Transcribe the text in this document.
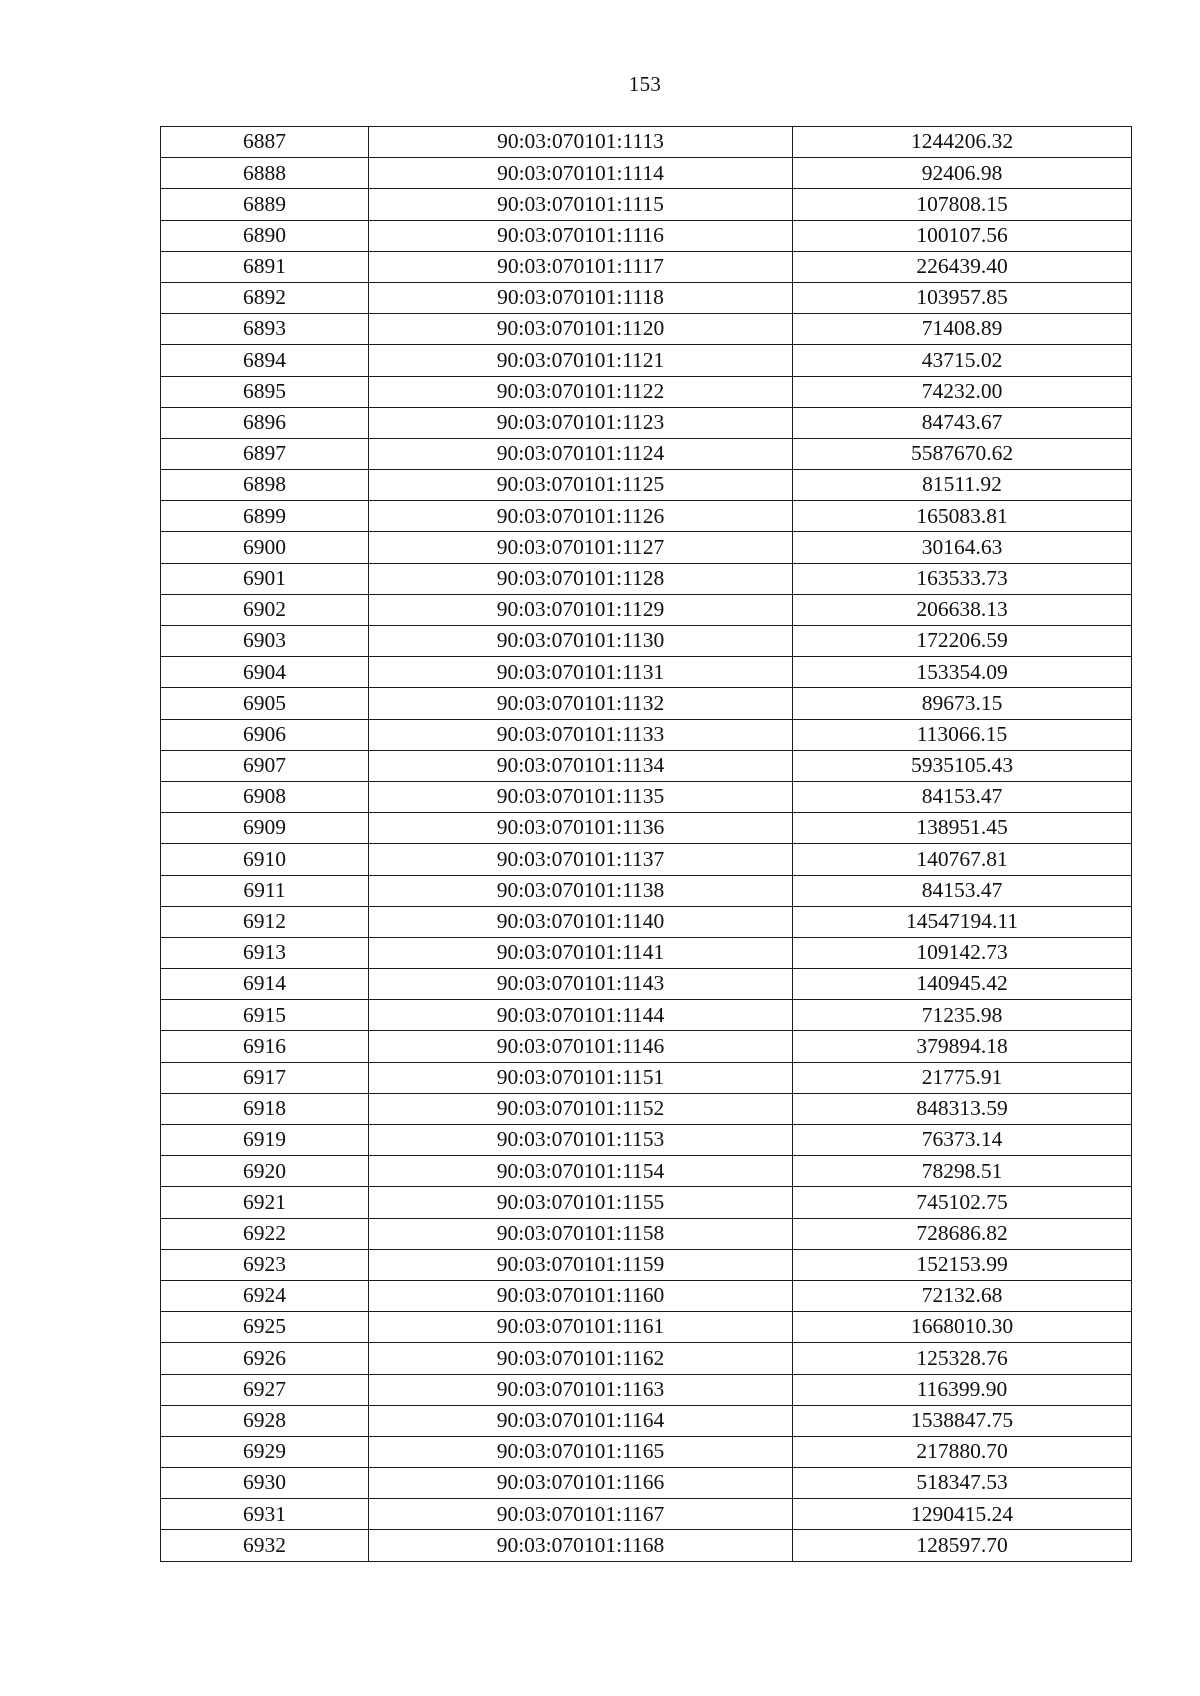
153
6887	90:03:070101:1113	1244206.32
6888	90:03:070101:1114	92406.98
6889	90:03:070101:1115	107808.15
6890	90:03:070101:1116	100107.56
6891	90:03:070101:1117	226439.40
6892	90:03:070101:1118	103957.85
6893	90:03:070101:1120	71408.89
6894	90:03:070101:1121	43715.02
6895	90:03:070101:1122	74232.00
6896	90:03:070101:1123	84743.67
6897	90:03:070101:1124	5587670.62
6898	90:03:070101:1125	81511.92
6899	90:03:070101:1126	165083.81
6900	90:03:070101:1127	30164.63
6901	90:03:070101:1128	163533.73
6902	90:03:070101:1129	206638.13
6903	90:03:070101:1130	172206.59
6904	90:03:070101:1131	153354.09
6905	90:03:070101:1132	89673.15
6906	90:03:070101:1133	113066.15
6907	90:03:070101:1134	5935105.43
6908	90:03:070101:1135	84153.47
6909	90:03:070101:1136	138951.45
6910	90:03:070101:1137	140767.81
6911	90:03:070101:1138	84153.47
6912	90:03:070101:1140	14547194.11
6913	90:03:070101:1141	109142.73
6914	90:03:070101:1143	140945.42
6915	90:03:070101:1144	71235.98
6916	90:03:070101:1146	379894.18
6917	90:03:070101:1151	21775.91
6918	90:03:070101:1152	848313.59
6919	90:03:070101:1153	76373.14
6920	90:03:070101:1154	78298.51
6921	90:03:070101:1155	745102.75
6922	90:03:070101:1158	728686.82
6923	90:03:070101:1159	152153.99
6924	90:03:070101:1160	72132.68
6925	90:03:070101:1161	1668010.30
6926	90:03:070101:1162	125328.76
6927	90:03:070101:1163	116399.90
6928	90:03:070101:1164	1538847.75
6929	90:03:070101:1165	217880.70
6930	90:03:070101:1166	518347.53
6931	90:03:070101:1167	1290415.24
6932	90:03:070101:1168	128597.70
